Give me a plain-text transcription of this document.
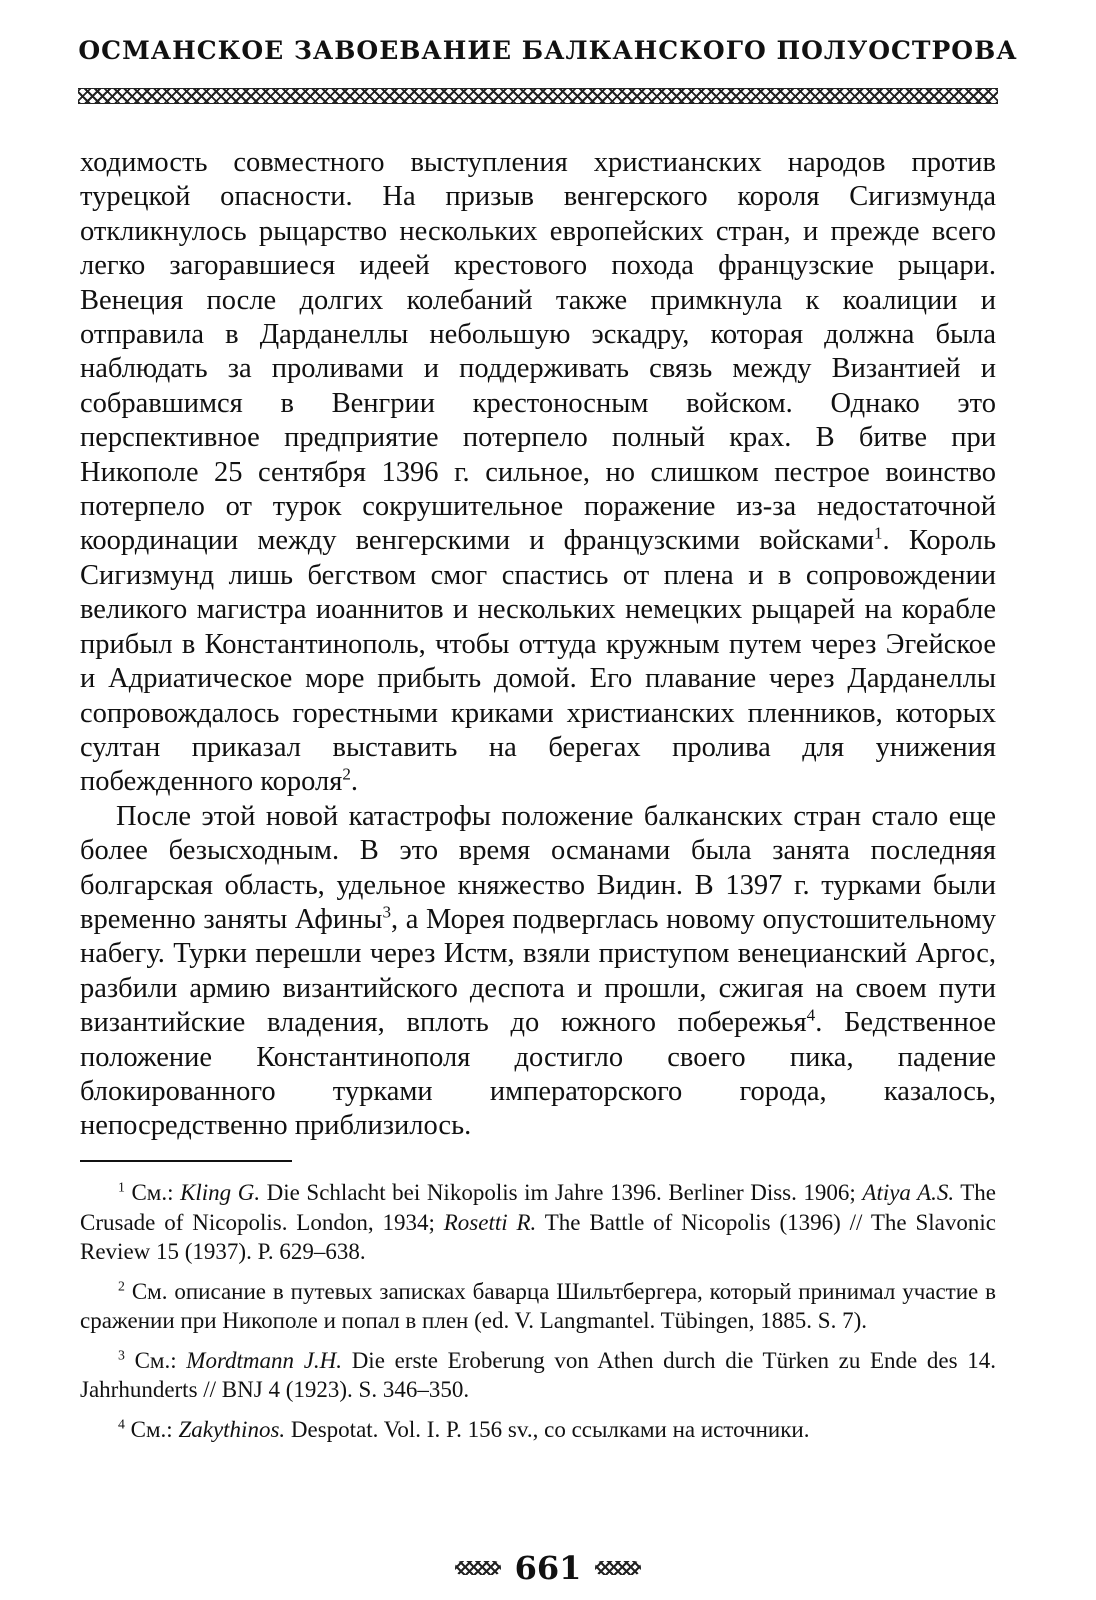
ОСМАНСКОЕ ЗАВОЕВАНИЕ БАЛКАНСКОГО ПОЛУОСТРОВА

ходимость совместного выступления христианских народов против турецкой опасности. На призыв венгерского короля Сигизмунда откликнулось рыцарство нескольких европейских стран, и прежде всего легко загоравшиеся идеей крестового похода французские рыцари. Венеция после долгих колебаний также примкнула к коалиции и отправила в Дарданеллы небольшую эскадру, которая должна была наблюдать за проливами и поддерживать связь между Византией и собравшимся в Венгрии крестоносным войском. Однако это перспективное предприятие потерпело полный крах. В битве при Никополе 25 сентября 1396 г. сильное, но слишком пестрое воинство потерпело от турок сокрушительное поражение из-за недостаточной координации между венгерскими и французскими войсками$^1$. Король Сигизмунд лишь бегством смог спастись от плена и в сопровождении великого магистра иоаннитов и нескольких немецких рыцарей на корабле прибыл в Константинополь, чтобы оттуда кружным путем через Эгейское и Адриатическое море прибыть домой. Его плавание через Дарданеллы сопровождалось горестными криками христианских пленников, которых султан приказал выставить на берегах пролива для унижения побежденного короля$^2$.

После этой новой катастрофы положение балканских стран стало еще более безысходным. В это время османами была занята последняя болгарская область, удельное княжество Видин. В 1397 г. турками были временно заняты Афины$^3$, а Морея подверглась новому опустошительному набегу. Турки перешли через Истм, взяли приступом венецианский Аргос, разбили армию византийского деспота и прошли, сжигая на своем пути византийские владения, вплоть до южного побережья$^4$. Бедственное положение Константинополя достигло своего пика, падение блокированного турками императорского города, казалось, непосредственно приблизилось.

$^1$ См.: Kling G. Die Schlacht bei Nikopolis im Jahre 1396. Berliner Diss. 1906; Atiya A.S. The Crusade of Nicopolis. London, 1934; Rosetti R. The Battle of Nicopolis (1396) // The Slavonic Review 15 (1937). P. 629–638.

$^2$ См. описание в путевых записках баварца Шильтбергера, который принимал участие в сражении при Никополе и попал в плен (ed. V. Langmantel. Tübingen, 1885. S. 7).

$^3$ См.: Mordtmann J.H. Die erste Eroberung von Athen durch die Türken zu Ende des 14. Jahrhunderts // BNJ 4 (1923). S. 346–350.

$^4$ См.: Zakythinos. Despotat. Vol. I. P. 156 sv., со ссылками на источники.

661
